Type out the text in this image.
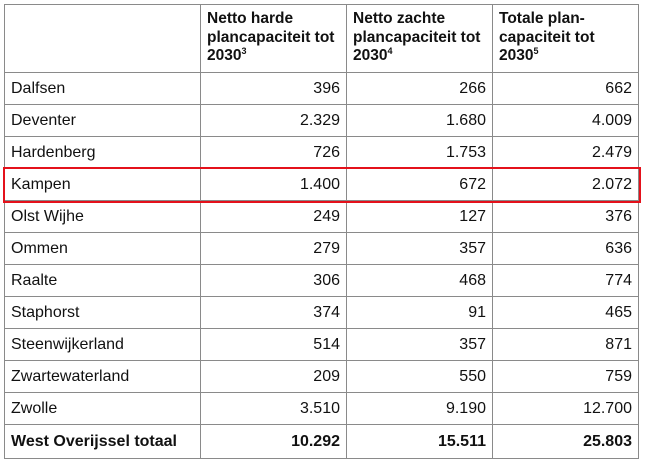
	Netto harde plancapaciteit tot 2030$^3$	Netto zachte plancapaciteit tot 2030$^4$	Totale plan-capaciteit tot 2030$^5$
Dalfsen	396	266	662
Deventer	2.329	1.680	4.009
Hardenberg	726	1.753	2.479
Kampen	1.400	672	2.072
Olst Wijhe	249	127	376
Ommen	279	357	636
Raalte	306	468	774
Staphorst	374	91	465
Steenwijkerland	514	357	871
Zwartewaterland	209	550	759
Zwolle	3.510	9.190	12.700
West Overijssel totaal	10.292	15.511	25.803
